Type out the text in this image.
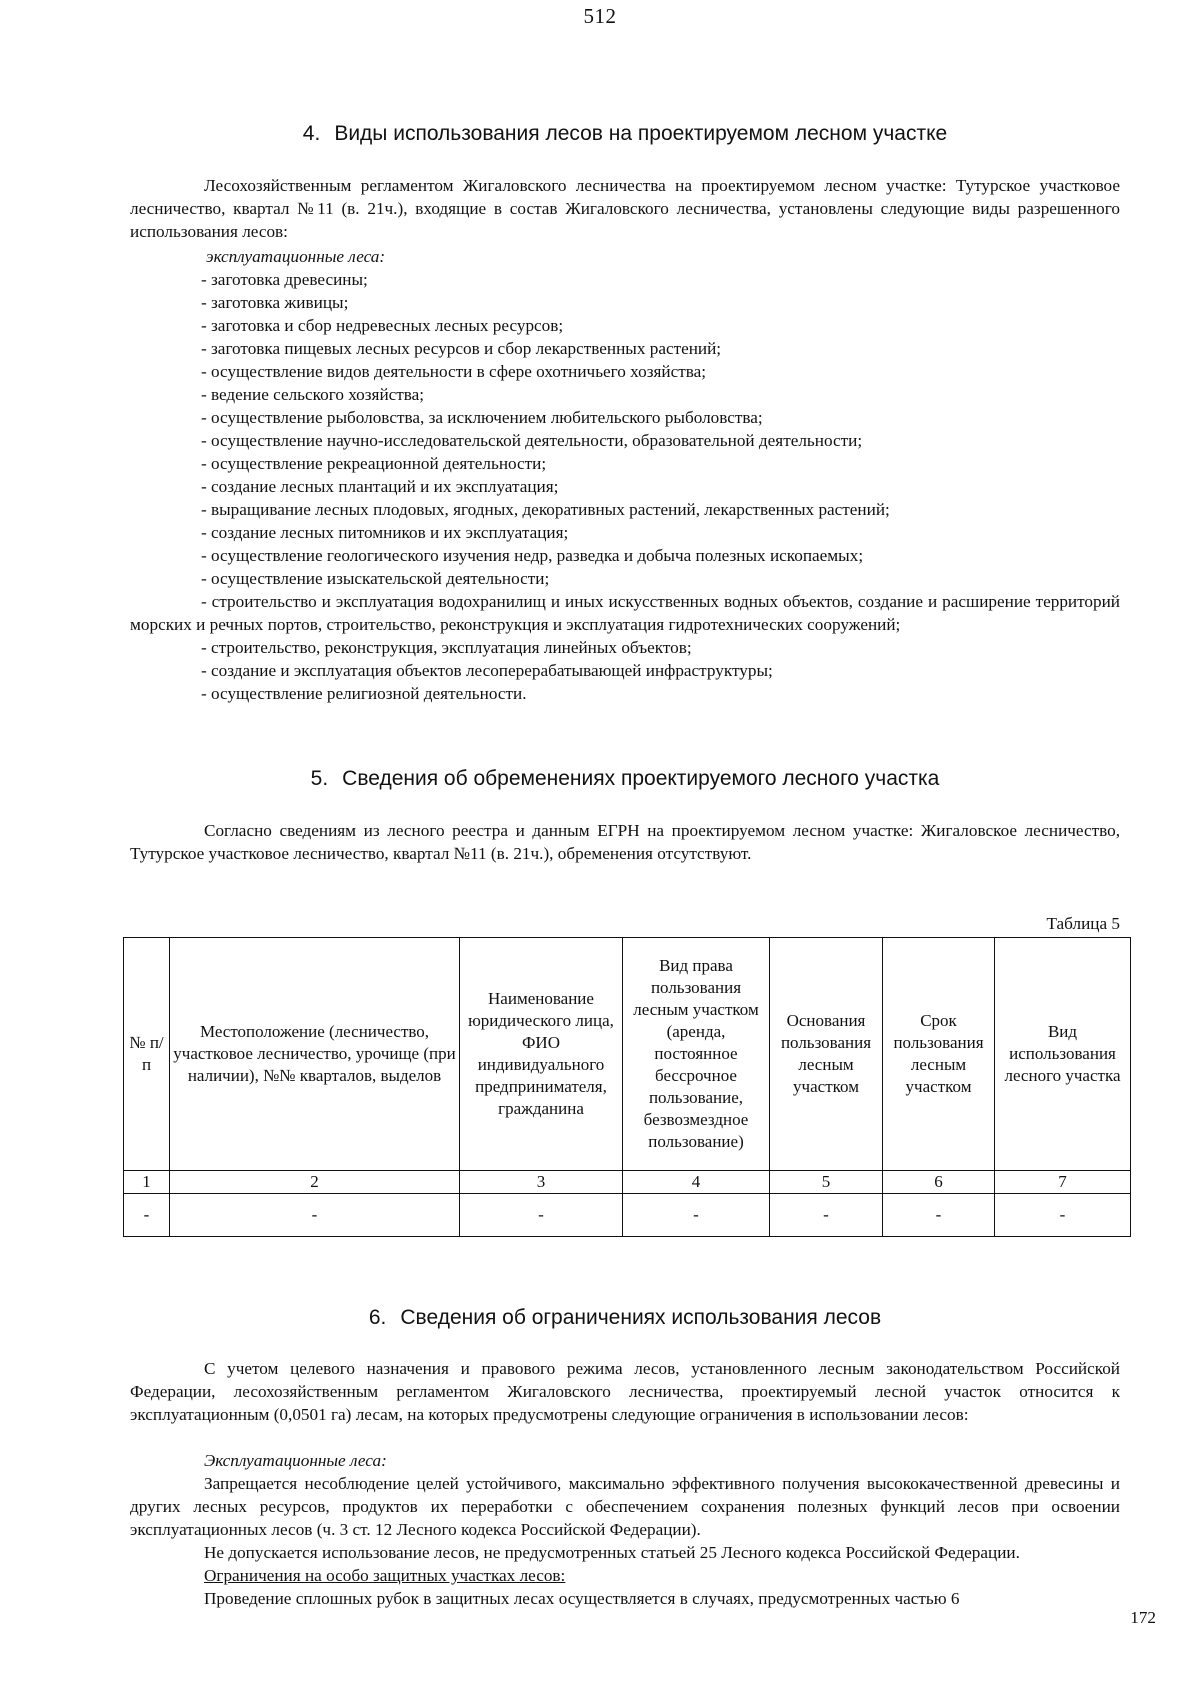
512
4. Виды использования лесов на проектируемом лесном участке

Лесохозяйственным регламентом Жигаловского лесничества на проектируемом лесном участке: Тутурское участковое лесничество, квартал №11 (в. 21ч.), входящие в состав Жигаловского лесничества, установлены следующие виды разрешенного использования лесов:

эксплуатационные леса:
- заготовка древесины;
- заготовка живицы;
- заготовка и сбор недревесных лесных ресурсов;
- заготовка пищевых лесных ресурсов и сбор лекарственных растений;
- осуществление видов деятельности в сфере охотничьего хозяйства;
- ведение сельского хозяйства;
- осуществление рыболовства, за исключением любительского рыболовства;
- осуществление научно-исследовательской деятельности, образовательной деятельности;
- осуществление рекреационной деятельности;
- создание лесных плантаций и их эксплуатация;
- выращивание лесных плодовых, ягодных, декоративных растений, лекарственных растений;
- создание лесных питомников и их эксплуатация;
- осуществление геологического изучения недр, разведка и добыча полезных ископаемых;
- осуществление изыскательской деятельности;
- строительство и эксплуатация водохранилищ и иных искусственных водных объектов, создание и расширение территорий морских и речных портов, строительство, реконструкция и эксплуатация гидротехнических сооружений;
- строительство, реконструкция, эксплуатация линейных объектов;
- создание и эксплуатация объектов лесоперерабатывающей инфраструктуры;
- осуществление религиозной деятельности.
5. Сведения об обременениях проектируемого лесного участка

Согласно сведениям из лесного реестра и данным ЕГРН на проектируемом лесном участке: Жигаловское лесничество, Тутурское участковое лесничество, квартал №11 (в. 21ч.), обременения отсутствуют.

Таблица 5
№ п/п	Местоположение (лесничество, участковое лесничество, урочище (при наличии), №№ кварталов, выделов	Наименование юридического лица, ФИО индивидуального предпринимателя, гражданина	Вид права пользования лесным участком (аренда, постоянное бессрочное пользование, безвозмездное пользование)	Основания пользования лесным участком	Срок пользования лесным участком	Вид использования лесного участка
1	2	3	4	5	6	7
-	-	-	-	-	-	-
6. Сведения об ограничениях использования лесов

С учетом целевого назначения и правового режима лесов, установленного лесным законодательством Российской Федерации, лесохозяйственным регламентом Жигаловского лесничества, проектируемый лесной участок относится к эксплуатационным (0,0501 га) лесам, на которых предусмотрены следующие ограничения в использовании лесов:

Эксплуатационные леса:
Запрещается несоблюдение целей устойчивого, максимально эффективного получения высококачественной древесины и других лесных ресурсов, продуктов их переработки с обеспечением сохранения полезных функций лесов при освоении эксплуатационных лесов (ч. 3 ст. 12 Лесного кодекса Российской Федерации).
Не допускается использование лесов, не предусмотренных статьей 25 Лесного кодекса Российской Федерации.
Ограничения на особо защитных участках лесов:
Проведение сплошных рубок в защитных лесах осуществляется в случаях, предусмотренных частью 6
172
